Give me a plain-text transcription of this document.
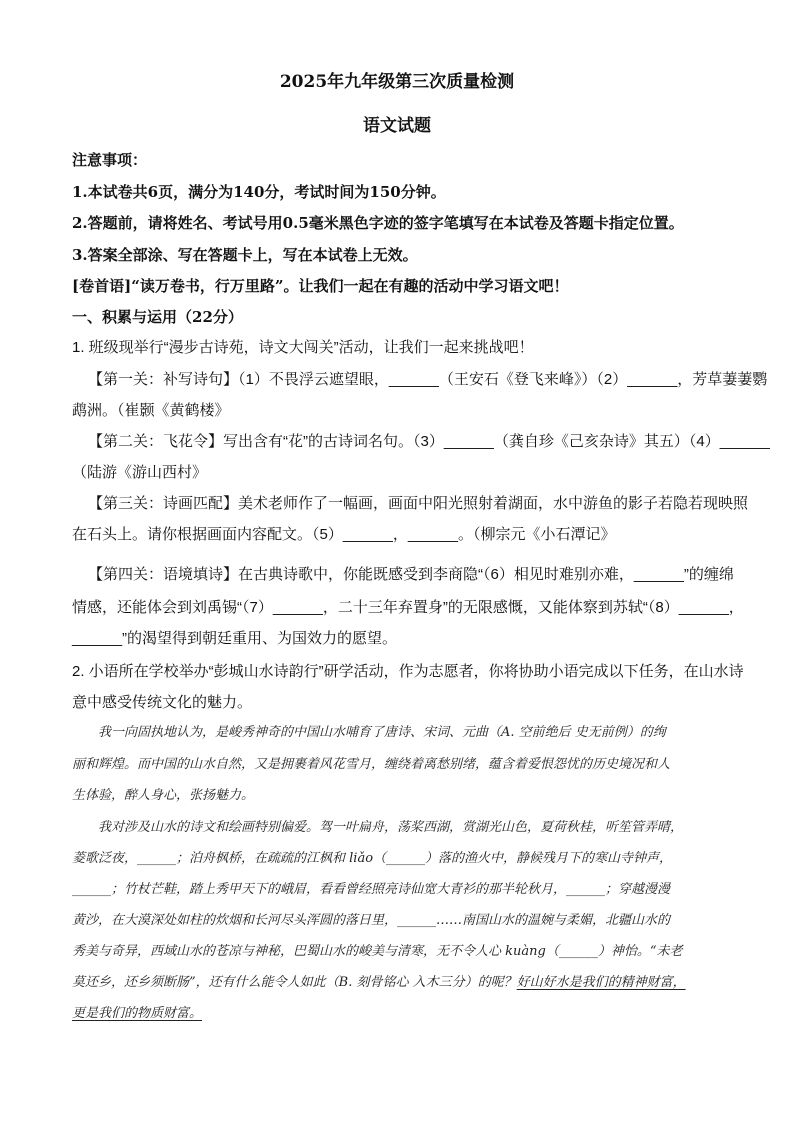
2025年九年级第三次质量检测
语文试题
注意事项：
1.本试卷共6页，满分为140分，考试时间为150分钟。
2.答题前，请将姓名、考试号用0.5毫米黑色字迹的签字笔填写在本试卷及答题卡指定位置。
3.答案全部涂、写在答题卡上，写在本试卷上无效。
[卷首语]“读万卷书，行万里路”。让我们一起在有趣的活动中学习语文吧！
一、积累与运用（22分）
1. 班级现举行“漫步古诗苑，诗文大闯关”活动，让我们一起来挑战吧！
【第一关：补写诗句】（1）不畏浮云遮望眼，______（王安石《登飞来峰》）（2）______，芳草萋萋鹦
鹉洲。（崔颢《黄鹤楼》
【第二关：飞花令】写出含有“花”的古诗词名句。（3）______（龚自珍《己亥杂诗》其五）（4）______
（陆游《游山西村》
【第三关：诗画匹配】美术老师作了一幅画，画面中阳光照射着湖面，水中游鱼的影子若隐若现映照
在石头上。请你根据画面内容配文。（5）______，______。（柳宗元《小石潭记》
【第四关：语境填诗】在古典诗歌中，你能既感受到李商隐“（6）相见时难别亦难，______”的缠绵
情感，还能体会到刘禹锡“（7）______，二十三年弃置身”的无限感慨，又能体察到苏轼“（8）______，
______”的渴望得到朝廷重用、为国效力的愿望。
2. 小语所在学校举办“彭城山水诗韵行”研学活动，作为志愿者，你将协助小语完成以下任务，在山水诗
意中感受传统文化的魅力。
我一向固执地认为，是峻秀神奇的中国山水哺育了唐诗、宋词、元曲（A. 空前绝后 史无前例）的绚
丽和辉煌。而中国的山水自然，又是拥裹着风花雪月，缠绕着离愁别绪，蕴含着爱恨怨忧的历史境况和人
生体验，醉人身心，张扬魅力。
我对涉及山水的诗文和绘画特别偏爱。驾一叶扁舟，荡桨西湖，赏湖光山色，夏荷秋桂，听笙管弄晴，
菱歌泛夜，______；泊舟枫桥，在疏疏的江枫和 liǎo（______）落的渔火中，静候残月下的寒山寺钟声，
______；竹杖芒鞋，踏上秀甲天下的峨眉，看看曾经照亮诗仙宽大青衫的那半轮秋月，______；穿越漫漫
黄沙，在大漠深处如柱的炊烟和长河尽头浑圆的落日里，______……南国山水的温婉与柔媚，北疆山水的
秀美与奇异，西域山水的苍凉与神秘，巴蜀山水的峻美与清寒，无不令人心 kuàng（______）神怡。“未老
莫还乡，还乡须断肠”，还有什么能令人如此（B. 刻骨铭心 入木三分）的呢？好山好水是我们的精神财富，
更是我们的物质财富。
